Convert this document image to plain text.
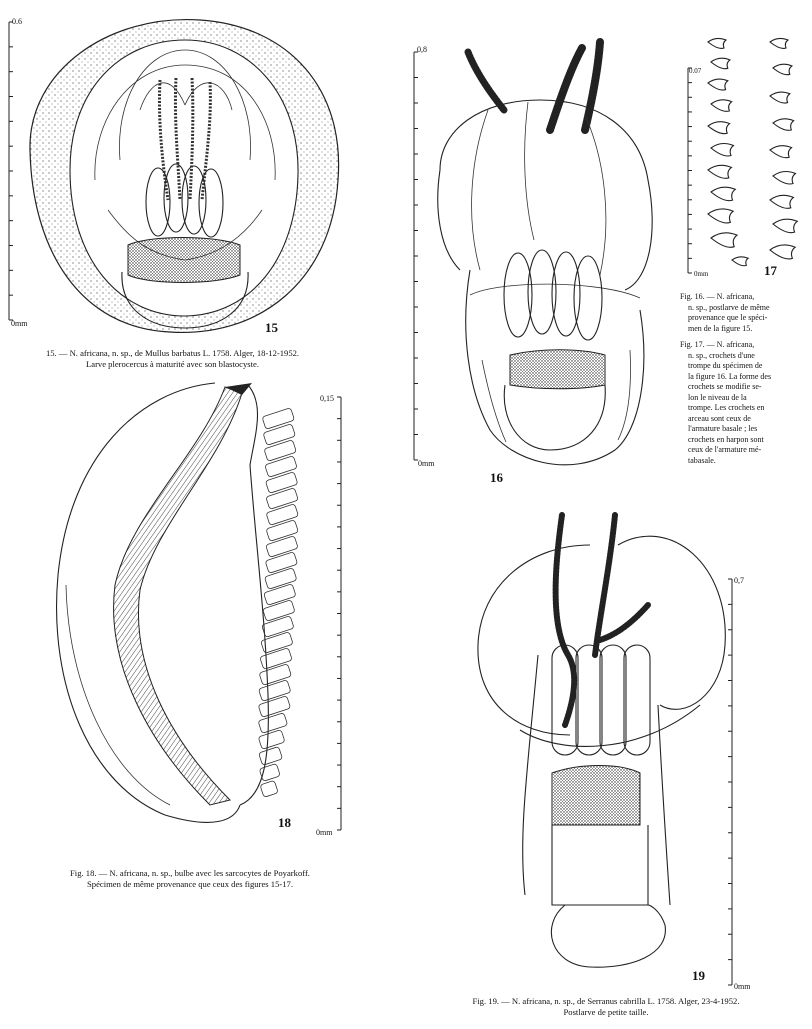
0.6
0mm	15
15. — N. africana, n. sp., de Mullus barbatus L. 1758. Alger, 18-12-1952.
Larve plerocercus à maturité avec son blastocyste.
0,8
0mm
16
0.07
0mm	17
Fig. 16. — N. africana,
n. sp., postlarve de même
provenance que le spéci-
men de la figure 15.
Fig. 17. — N. africana,
n. sp., crochets d'une
trompe du spécimen de
la figure 16. La forme des
crochets se modifie se-
lon le niveau de la
trompe. Les crochets en
arceau sont ceux de
l'armature basale ; les
crochets en harpon sont
ceux de l'armature mé-
tabasale.
0,15
0mm
18
Fig. 18. — N. africana, n. sp., bulbe avec les sarcocytes de Poyarkoff.
Spécimen de même provenance que ceux des figures 15-17.
0,7
0mm
19
Fig. 19. — N. africana, n. sp., de Serranus cabrilla L. 1758. Alger, 23-4-1952.
Postlarve de petite taille.
